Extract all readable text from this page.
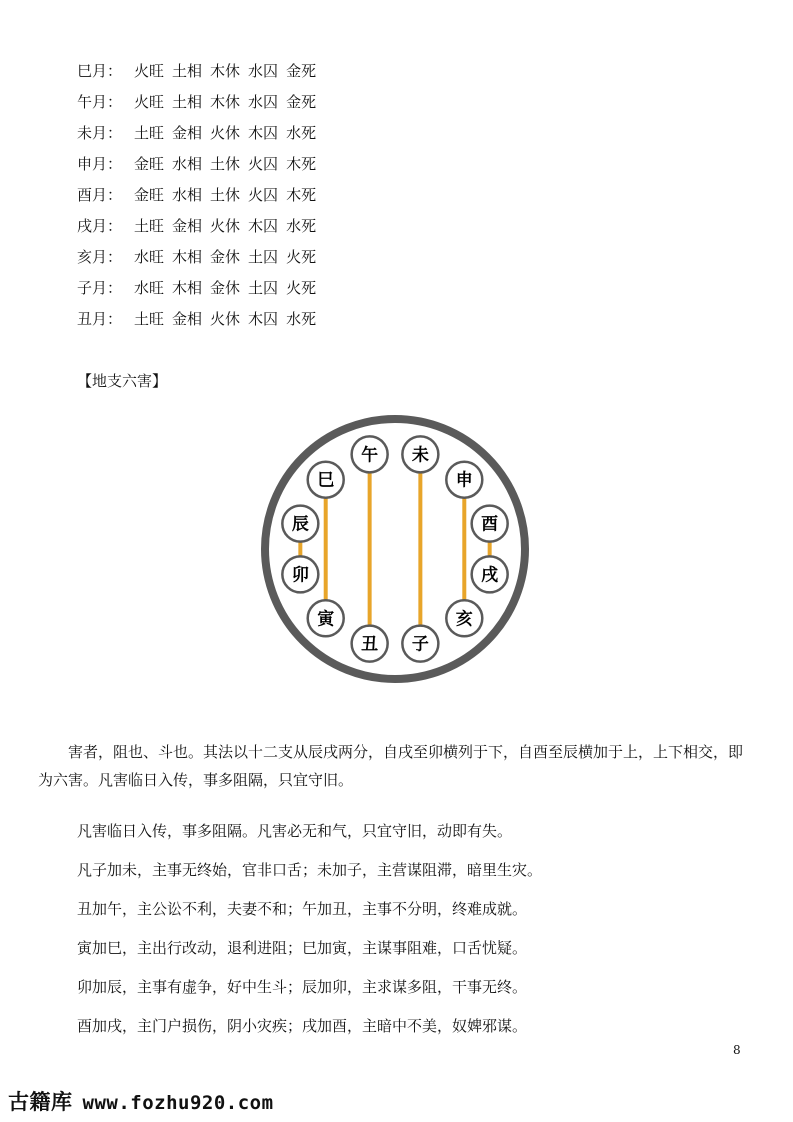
巳月： 火旺 土相 木休 水囚 金死
午月： 火旺 土相 木休 水囚 金死
未月： 土旺 金相 火休 木囚 水死
申月： 金旺 水相 土休 火囚 木死
酉月： 金旺 水相 土休 火囚 木死
戌月： 土旺 金相 火休 木囚 水死
亥月： 水旺 木相 金休 土囚 火死
子月： 水旺 木相 金休 土囚 火死
丑月： 土旺 金相 火休 木囚 水死
【地支六害】
午 未
申
酉
戌
亥
子
丑
寅
卯
辰
巳

害者，阻也、斗也。其法以十二支从辰戌两分，自戌至卯横列于下，自酉至辰横加于上，上下相交，即为六害。凡害临日入传，事多阻隔，只宜守旧。

凡害临日入传，事多阻隔。凡害必无和气，只宜守旧，动即有失。
凡子加未，主事无终始，官非口舌；未加子，主营谋阻滞，暗里生灾。
丑加午，主公讼不利，夫妻不和；午加丑，主事不分明，终难成就。
寅加巳，主出行改动，退利进阻；巳加寅，主谋事阻难，口舌忧疑。
卯加辰，主事有虚争，好中生斗；辰加卯，主求谋多阻，干事无终。
酉加戌，主门户损伤，阴小灾疾；戌加酉，主暗中不美，奴婢邪谋。
8
古籍库 www.fozhu920.com
